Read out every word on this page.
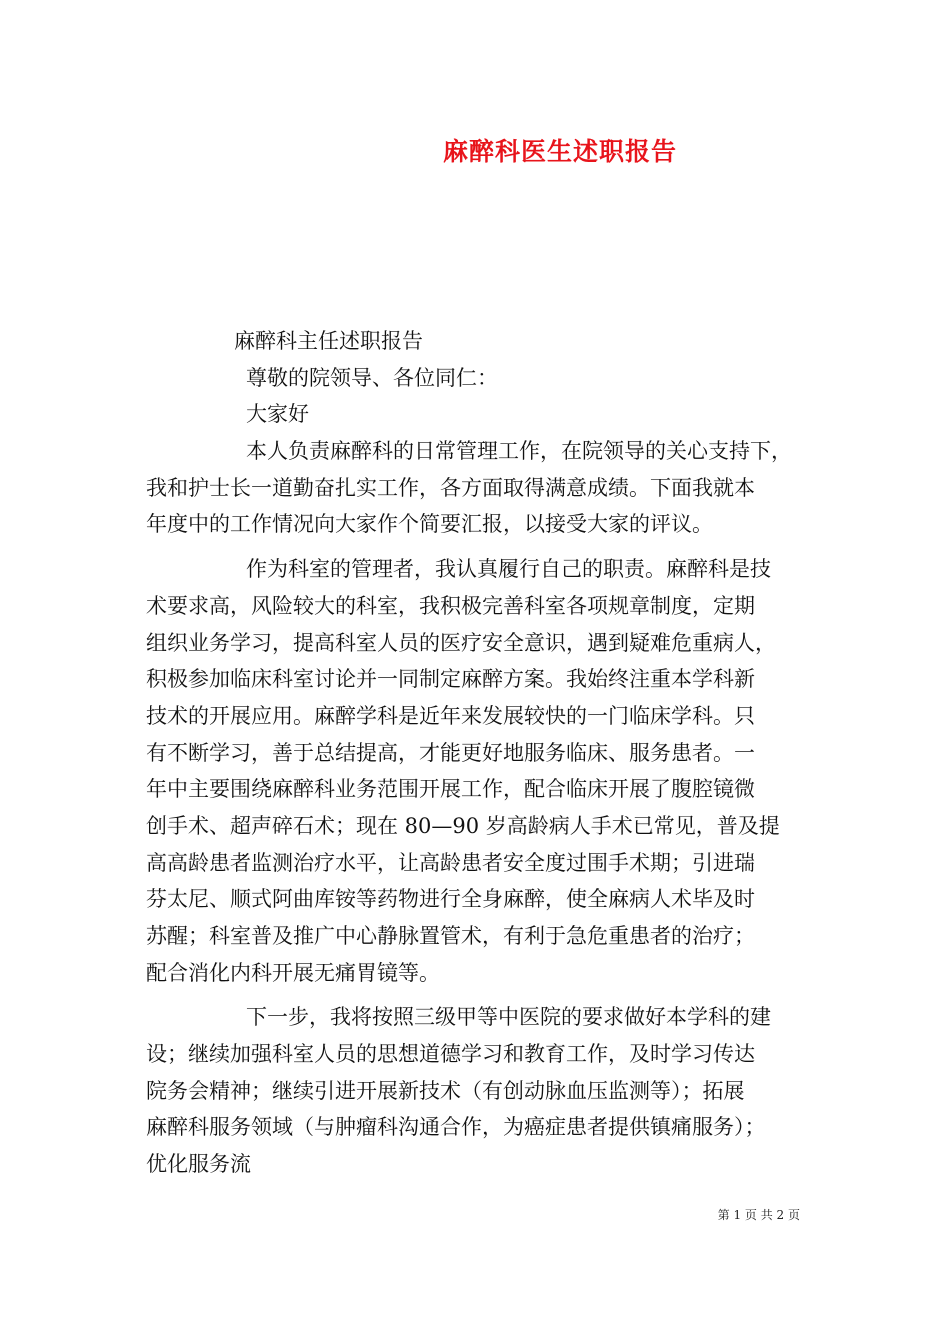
麻醉科医生述职报告
麻醉科主任述职报告
尊敬的院领导、各位同仁：
大家好
本人负责麻醉科的日常管理工作，在院领导的关心支持下，
我和护士长一道勤奋扎实工作，各方面取得满意成绩。下面我就本
年度中的工作情况向大家作个简要汇报，以接受大家的评议。
作为科室的管理者，我认真履行自己的职责。麻醉科是技
术要求高，风险较大的科室，我积极完善科室各项规章制度，定期
组织业务学习，提高科室人员的医疗安全意识，遇到疑难危重病人，
积极参加临床科室讨论并一同制定麻醉方案。我始终注重本学科新
技术的开展应用。麻醉学科是近年来发展较快的一门临床学科。只
有不断学习，善于总结提高，才能更好地服务临床、服务患者。一
年中主要围绕麻醉科业务范围开展工作，配合临床开展了腹腔镜微
创手术、超声碎石术；现在 80—90 岁高龄病人手术已常见，普及提
高高龄患者监测治疗水平，让高龄患者安全度过围手术期；引进瑞
芬太尼、顺式阿曲库铵等药物进行全身麻醉，使全麻病人术毕及时
苏醒；科室普及推广中心静脉置管术，有利于急危重患者的治疗；
配合消化内科开展无痛胃镜等。
下一步，我将按照三级甲等中医院的要求做好本学科的建
设；继续加强科室人员的思想道德学习和教育工作，及时学习传达
院务会精神；继续引进开展新技术（有创动脉血压监测等）；拓展
麻醉科服务领域（与肿瘤科沟通合作，为癌症患者提供镇痛服务）；
优化服务流
第 1 页 共 2 页
